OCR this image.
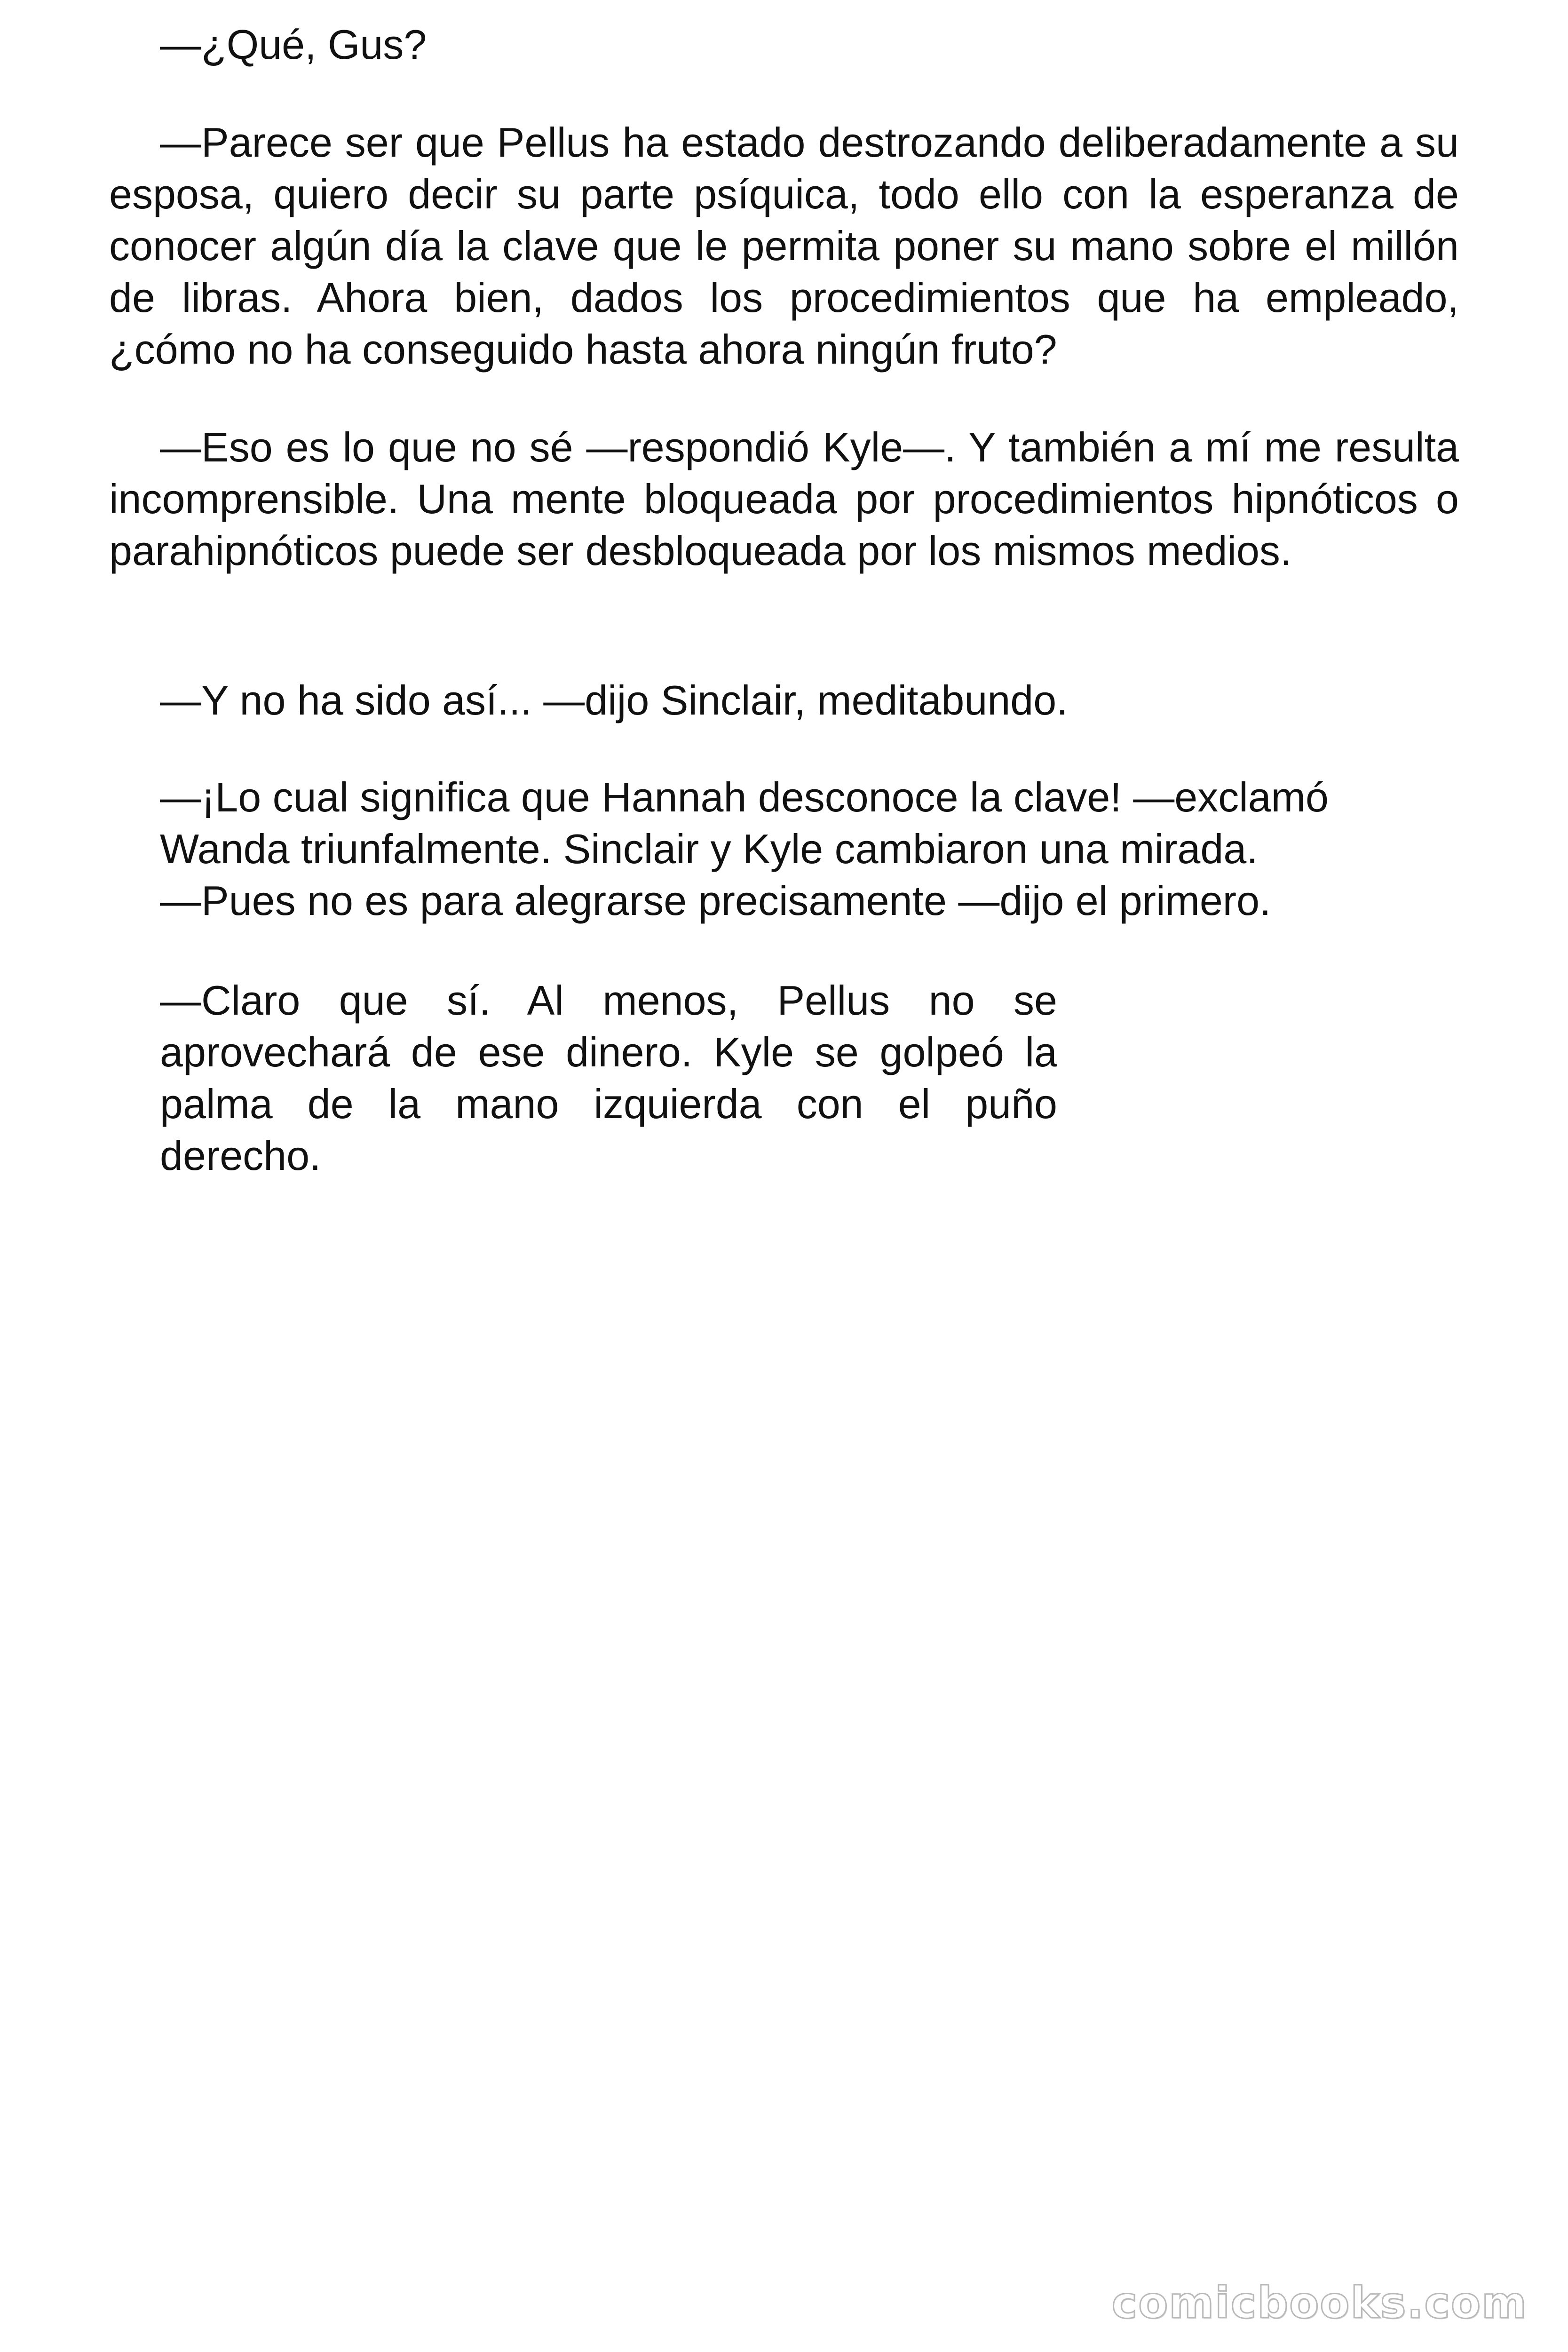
—¿Qué, Gus?

—Parece ser que Pellus ha estado destrozando deliberadamente a su esposa, quiero decir su parte psíquica, todo ello con la esperanza de conocer algún día la clave que le permita poner su mano sobre el millón de libras. Ahora bien, dados los procedimientos que ha empleado, ¿cómo no ha conseguido hasta ahora ningún fruto?

—Eso es lo que no sé —respondió Kyle—. Y también a mí me resulta incomprensible. Una mente bloqueada por procedimientos hipnóticos o parahipnóticos puede ser desbloqueada por los mismos medios.

—Y no ha sido así... —dijo Sinclair, meditabundo.

—¡Lo cual significa que Hannah desconoce la clave! —exclamó
Wanda triunfalmente. Sinclair y Kyle cambiaron una mirada.
—Pues no es para alegrarse precisamente —dijo el primero.
—Claro que sí. Al menos, Pellus no se
aprovechará de ese dinero. Kyle se golpeó la
palma de la mano izquierda con el puño
derecho.
comicbooks.com
